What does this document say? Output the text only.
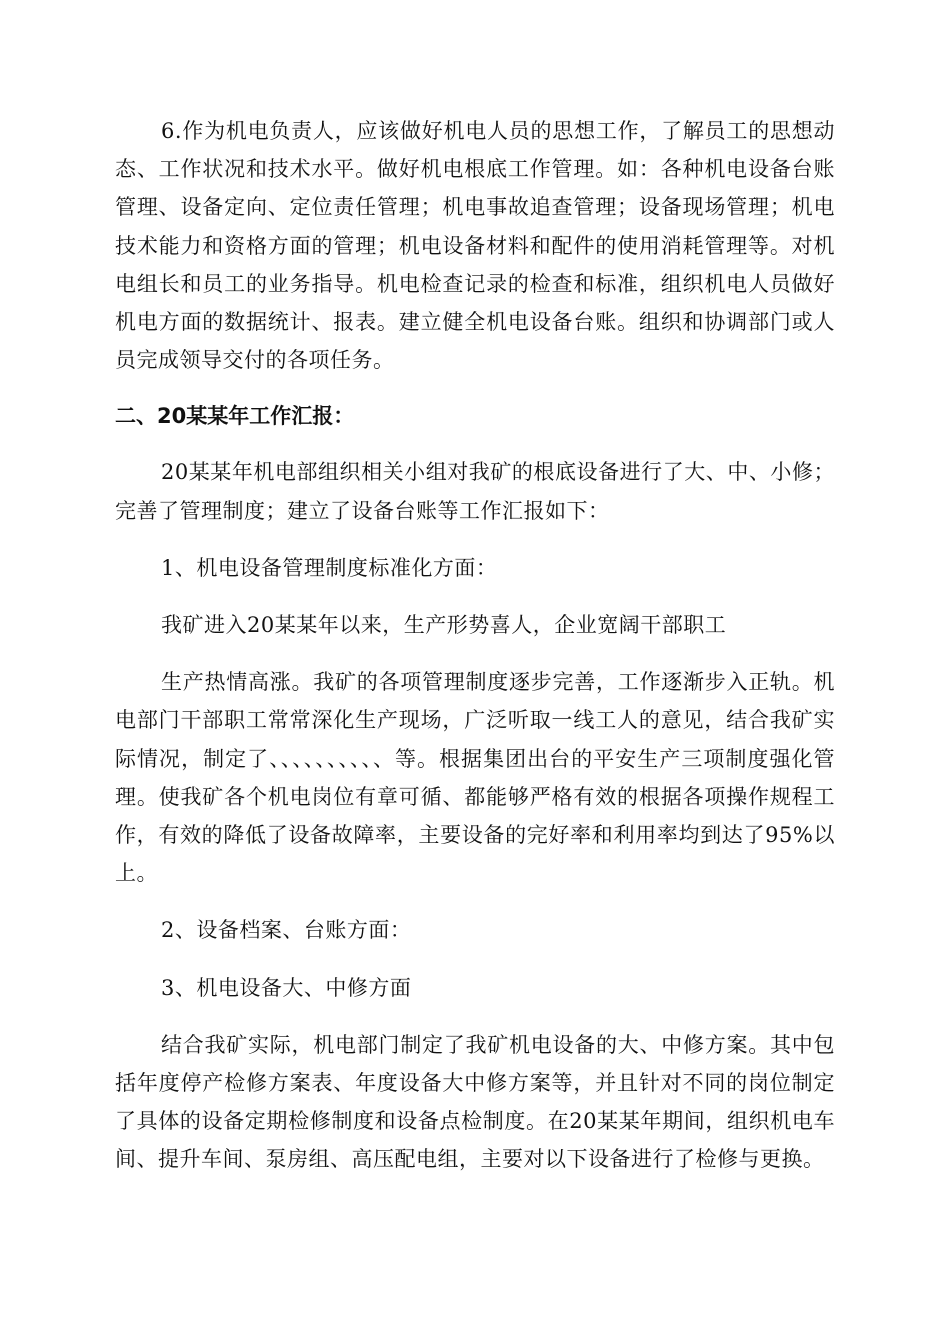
6.作为机电负责人，应该做好机电人员的思想工作，了解员工的思想动态、工作状况和技术水平。做好机电根底工作管理。如：各种机电设备台账管理、设备定向、定位责任管理；机电事故追查管理；设备现场管理；机电技术能力和资格方面的管理；机电设备材料和配件的使用消耗管理等。对机电组长和员工的业务指导。机电检查记录的检查和标准，组织机电人员做好机电方面的数据统计、报表。建立健全机电设备台账。组织和协调部门或人员完成领导交付的各项任务。

二、20某某年工作汇报：

20某某年机电部组织相关小组对我矿的根底设备进行了大、中、小修；完善了管理制度；建立了设备台账等工作汇报如下：

1、机电设备管理制度标准化方面：

我矿进入20某某年以来，生产形势喜人，企业宽阔干部职工

生产热情高涨。我矿的各项管理制度逐步完善，工作逐渐步入正轨。机电部门干部职工常常深化生产现场，广泛听取一线工人的意见，结合我矿实际情况，制定了、、、、、、、、、、等。根据集团出台的平安生产三项制度强化管理。使我矿各个机电岗位有章可循、都能够严格有效的根据各项操作规程工作，有效的降低了设备故障率，主要设备的完好率和利用率均到达了95%以上。

2、设备档案、台账方面：

3、机电设备大、中修方面

结合我矿实际，机电部门制定了我矿机电设备的大、中修方案。其中包括年度停产检修方案表、年度设备大中修方案等，并且针对不同的岗位制定了具体的设备定期检修制度和设备点检制度。在20某某年期间，组织机电车间、提升车间、泵房组、高压配电组，主要对以下设备进行了检修与更换。
